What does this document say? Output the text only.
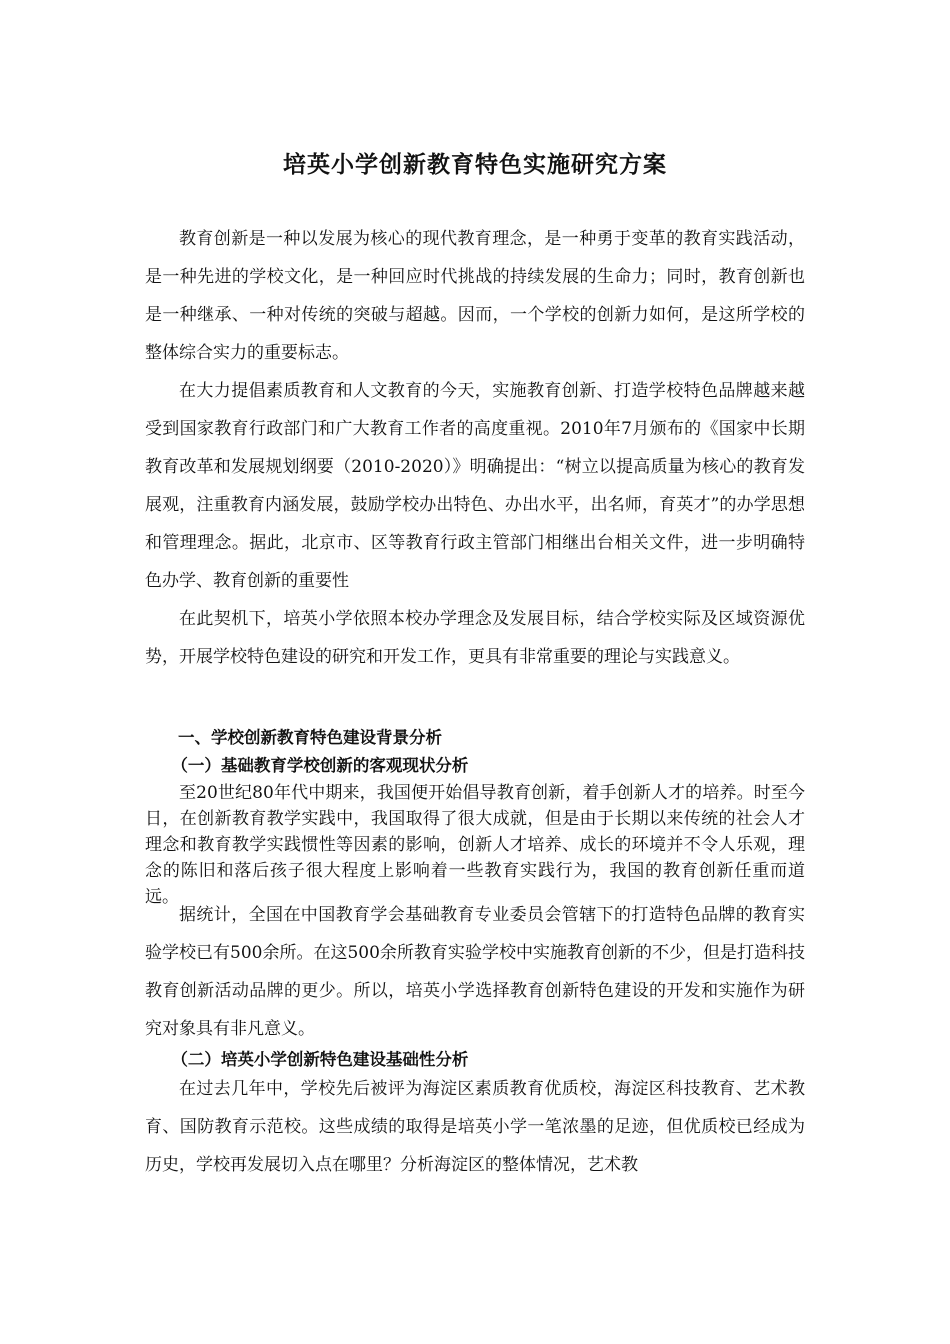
培英小学创新教育特色实施研究方案

教育创新是一种以发展为核心的现代教育理念，是一种勇于变革的教育实践活动，是一种先进的学校文化，是一种回应时代挑战的持续发展的生命力；同时，教育创新也是一种继承、一种对传统的突破与超越。因而，一个学校的创新力如何，是这所学校的整体综合实力的重要标志。

在大力提倡素质教育和人文教育的今天，实施教育创新、打造学校特色品牌越来越受到国家教育行政部门和广大教育工作者的高度重视。2010年7月颁布的《国家中长期教育改革和发展规划纲要（2010-2020）》明确提出：“树立以提高质量为核心的教育发展观，注重教育内涵发展，鼓励学校办出特色、办出水平，出名师，育英才”的办学思想和管理理念。据此，北京市、区等教育行政主管部门相继出台相关文件，进一步明确特色办学、教育创新的重要性

在此契机下，培英小学依照本校办学理念及发展目标，结合学校实际及区域资源优势，开展学校特色建设的研究和开发工作，更具有非常重要的理论与实践意义。

一、学校创新教育特色建设背景分析

（一）基础教育学校创新的客观现状分析

至20世纪80年代中期来，我国便开始倡导教育创新，着手创新人才的培养。时至今日，在创新教育教学实践中，我国取得了很大成就，但是由于长期以来传统的社会人才理念和教育教学实践惯性等因素的影响，创新人才培养、成长的环境并不令人乐观，理念的陈旧和落后孩子很大程度上影响着一些教育实践行为，我国的教育创新任重而道远。

据统计，全国在中国教育学会基础教育专业委员会管辖下的打造特色品牌的教育实验学校已有500余所。在这500余所教育实验学校中实施教育创新的不少，但是打造科技教育创新活动品牌的更少。所以，培英小学选择教育创新特色建设的开发和实施作为研究对象具有非凡意义。

（二）培英小学创新特色建设基础性分析

在过去几年中，学校先后被评为海淀区素质教育优质校，海淀区科技教育、艺术教育、国防教育示范校。这些成绩的取得是培英小学一笔浓墨的足迹，但优质校已经成为历史，学校再发展切入点在哪里？分析海淀区的整体情况，艺术教
